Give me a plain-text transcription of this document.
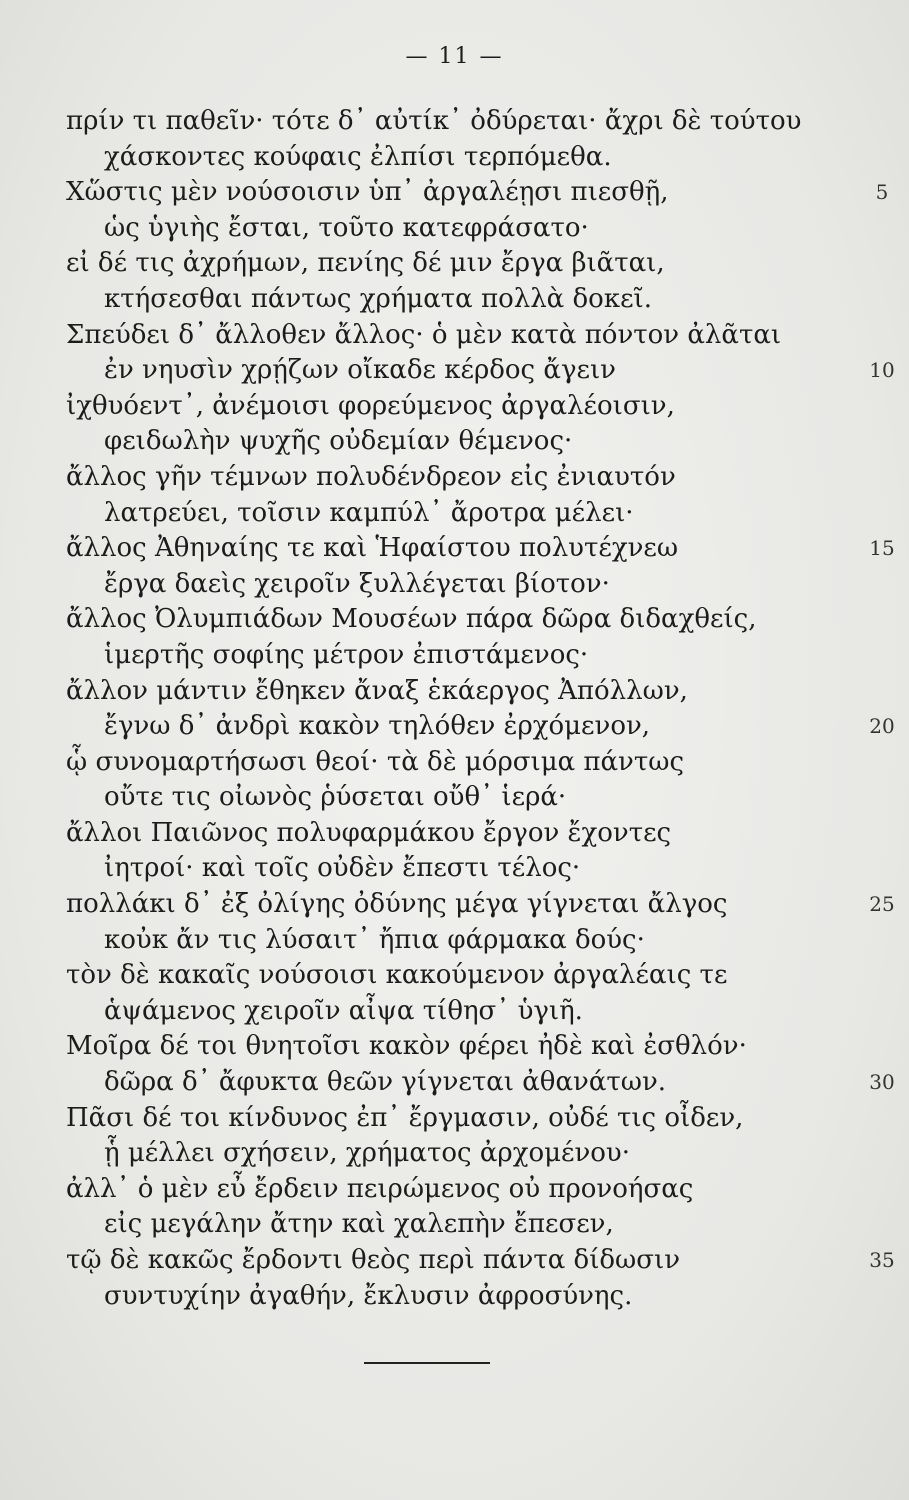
— 11 —
πρίν τι παθεῖν· τότε δ᾽ αὐτίκ᾽ ὀδύρεται· ἄχρι δὲ τούτου
χάσκοντες κούφαις ἐλπίσι τερπόμεθα.
Χὥστις μὲν νούσοισιν ὑπ᾽ ἀργαλέῃσι πιεσθῇ,	5
ὡς ὑγιὴς ἔσται, τοῦτο κατεφράσατο·
εἰ δέ τις ἀχρήμων, πενίης δέ μιν ἔργα βιᾶται,
κτήσεσθαι πάντως χρήματα πολλὰ δοκεῖ.
Σπεύδει δ᾽ ἄλλοθεν ἄλλος· ὁ μὲν κατὰ πόντον ἀλᾶται
ἐν νηυσὶν χρῄζων οἴκαδε κέρδος ἄγειν	10
ἰχθυόεντ᾽, ἀνέμοισι φορεύμενος ἀργαλέοισιν,
φειδωλὴν ψυχῆς οὐδεμίαν θέμενος·
ἄλλος γῆν τέμνων πολυδένδρεον εἰς ἐνιαυτόν
λατρεύει, τοῖσιν καμπύλ᾽ ἄροτρα μέλει·
ἄλλος Ἀθηναίης τε καὶ Ἡφαίστου πολυτέχνεω	15
ἔργα δαεὶς χειροῖν ξυλλέγεται βίοτον·
ἄλλος Ὀλυμπιάδων Μουσέων πάρα δῶρα διδαχθείς,
ἱμερτῆς σοφίης μέτρον ἐπιστάμενος·
ἄλλον μάντιν ἔθηκεν ἄναξ ἑκάεργος Ἀπόλλων,
ἔγνω δ᾽ ἀνδρὶ κακὸν τηλόθεν ἐρχόμενον,	20
ᾧ συνομαρτήσωσι θεοί· τὰ δὲ μόρσιμα πάντως
οὔτε τις οἰωνὸς ῥύσεται οὔθ᾽ ἱερά·
ἄλλοι Παιῶνος πολυφαρμάκου ἔργον ἔχοντες
ἰητροί· καὶ τοῖς οὐδὲν ἔπεστι τέλος·
πολλάκι δ᾽ ἐξ ὀλίγης ὀδύνης μέγα γίγνεται ἄλγος	25
κοὐκ ἄν τις λύσαιτ᾽ ἤπια φάρμακα δούς·
τὸν δὲ κακαῖς νούσοισι κακούμενον ἀργαλέαις τε
ἁψάμενος χειροῖν αἶψα τίθησ᾽ ὑγιῆ.
Μοῖρα δέ τοι θνητοῖσι κακὸν φέρει ἠδὲ καὶ ἐσθλόν·
δῶρα δ᾽ ἄφυκτα θεῶν γίγνεται ἀθανάτων.	30
Πᾶσι δέ τοι κίνδυνος ἐπ᾽ ἔργμασιν, οὐδέ τις οἶδεν,
ᾗ μέλλει σχήσειν, χρήματος ἀρχομένου·
ἀλλ᾽ ὁ μὲν εὖ ἔρδειν πειρώμενος οὐ προνοήσας
εἰς μεγάλην ἄτην καὶ χαλεπὴν ἔπεσεν,
τῷ δὲ κακῶς ἔρδοντι θεὸς περὶ πάντα δίδωσιν	35
συντυχίην ἀγαθήν, ἔκλυσιν ἀφροσύνης.
